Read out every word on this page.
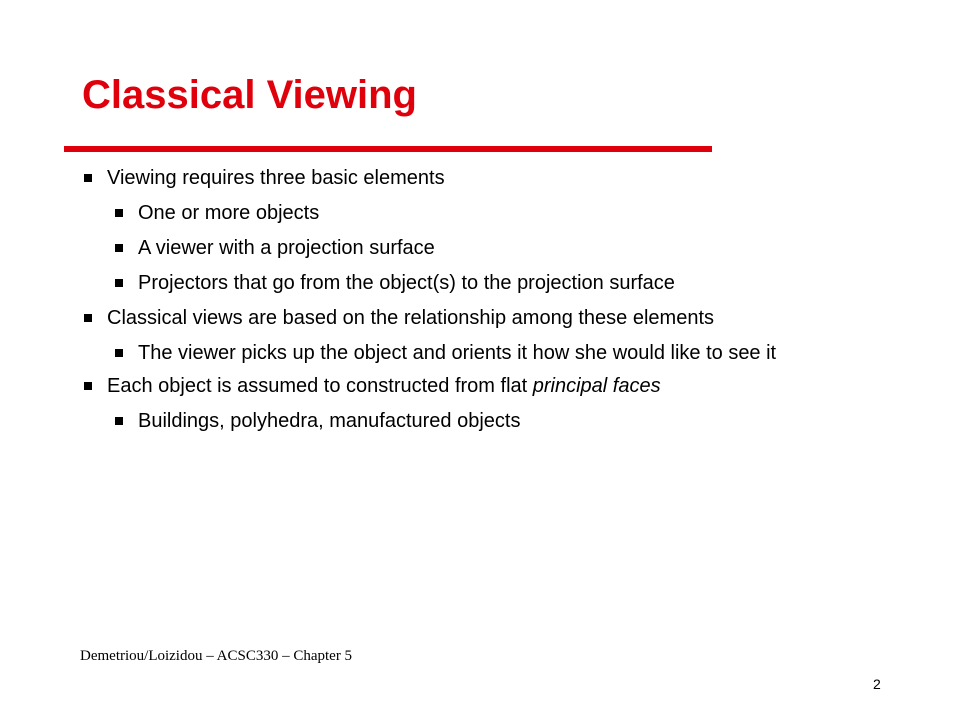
Classical Viewing
Viewing requires three basic elements
One or more objects
A viewer with a projection surface
Projectors that go from the object(s) to the projection surface
Classical views are based on the relationship among these elements
The viewer picks up the object and orients it how she would like to see it
Each object is assumed to constructed from flat principal faces
Buildings, polyhedra, manufactured objects
Demetriou/Loizidou – ACSC330 – Chapter 5
2
